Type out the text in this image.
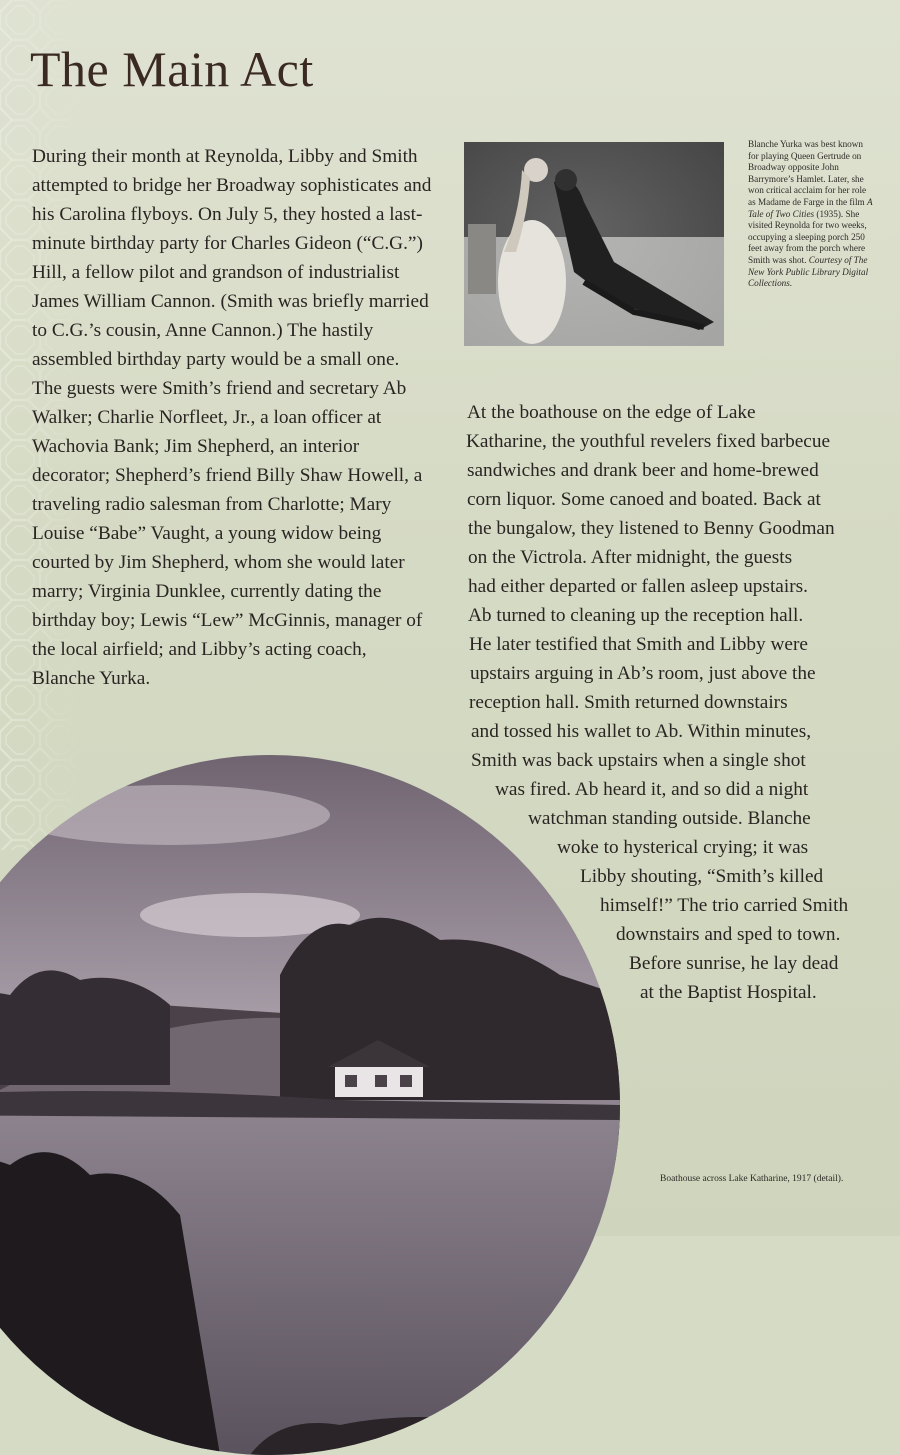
The Main Act

During their month at Reynolda, Libby and Smith attempted to bridge her Broadway sophisticates and his Carolina flyboys. On July 5, they hosted a last-minute birthday party for Charles Gideon (“C.G.”) Hill, a fellow pilot and grandson of industrialist James William Cannon. (Smith was briefly married to C.G.’s cousin, Anne Cannon.) The hastily assembled birthday party would be a small one. The guests were Smith’s friend and secretary Ab Walker; Charlie Norfleet, Jr., a loan officer at Wachovia Bank; Jim Shepherd, an interior decorator; Shepherd’s friend Billy Shaw Howell, a traveling radio salesman from Charlotte; Mary Louise “Babe” Vaught, a young widow being courted by Jim Shepherd, whom she would later marry; Virginia Dunklee, currently dating the birthday boy; Lewis “Lew” McGinnis, manager of the local airfield; and Libby’s acting coach, Blanche Yurka.

Blanche Yurka was best known for playing Queen Gertrude on Broadway opposite John Barrymore’s Hamlet. Later, she won critical acclaim for her role as Madame de Farge in the film A Tale of Two Cities (1935). She visited Reynolda for two weeks, occupying a sleeping porch 250 feet away from the porch where Smith was shot. Courtesy of The New York Public Library Digital Collections.

At the boathouse on the edge of Lake
Katharine, the youthful revelers fixed barbecue
sandwiches and drank beer and home-brewed
corn liquor. Some canoed and boated. Back at
the bungalow, they listened to Benny Goodman
on the Victrola. After midnight, the guests
had either departed or fallen asleep upstairs.
Ab turned to cleaning up the reception hall.
He later testified that Smith and Libby were
upstairs arguing in Ab’s room, just above the
reception hall. Smith returned downstairs
and tossed his wallet to Ab. Within minutes,
Smith was back upstairs when a single shot
was fired. Ab heard it, and so did a night
watchman standing outside. Blanche
woke to hysterical crying; it was
Libby shouting, “Smith’s killed
himself!” The trio carried Smith
downstairs and sped to town.
Before sunrise, he lay dead
at the Baptist Hospital.

Boathouse across Lake Katharine, 1917 (detail).
